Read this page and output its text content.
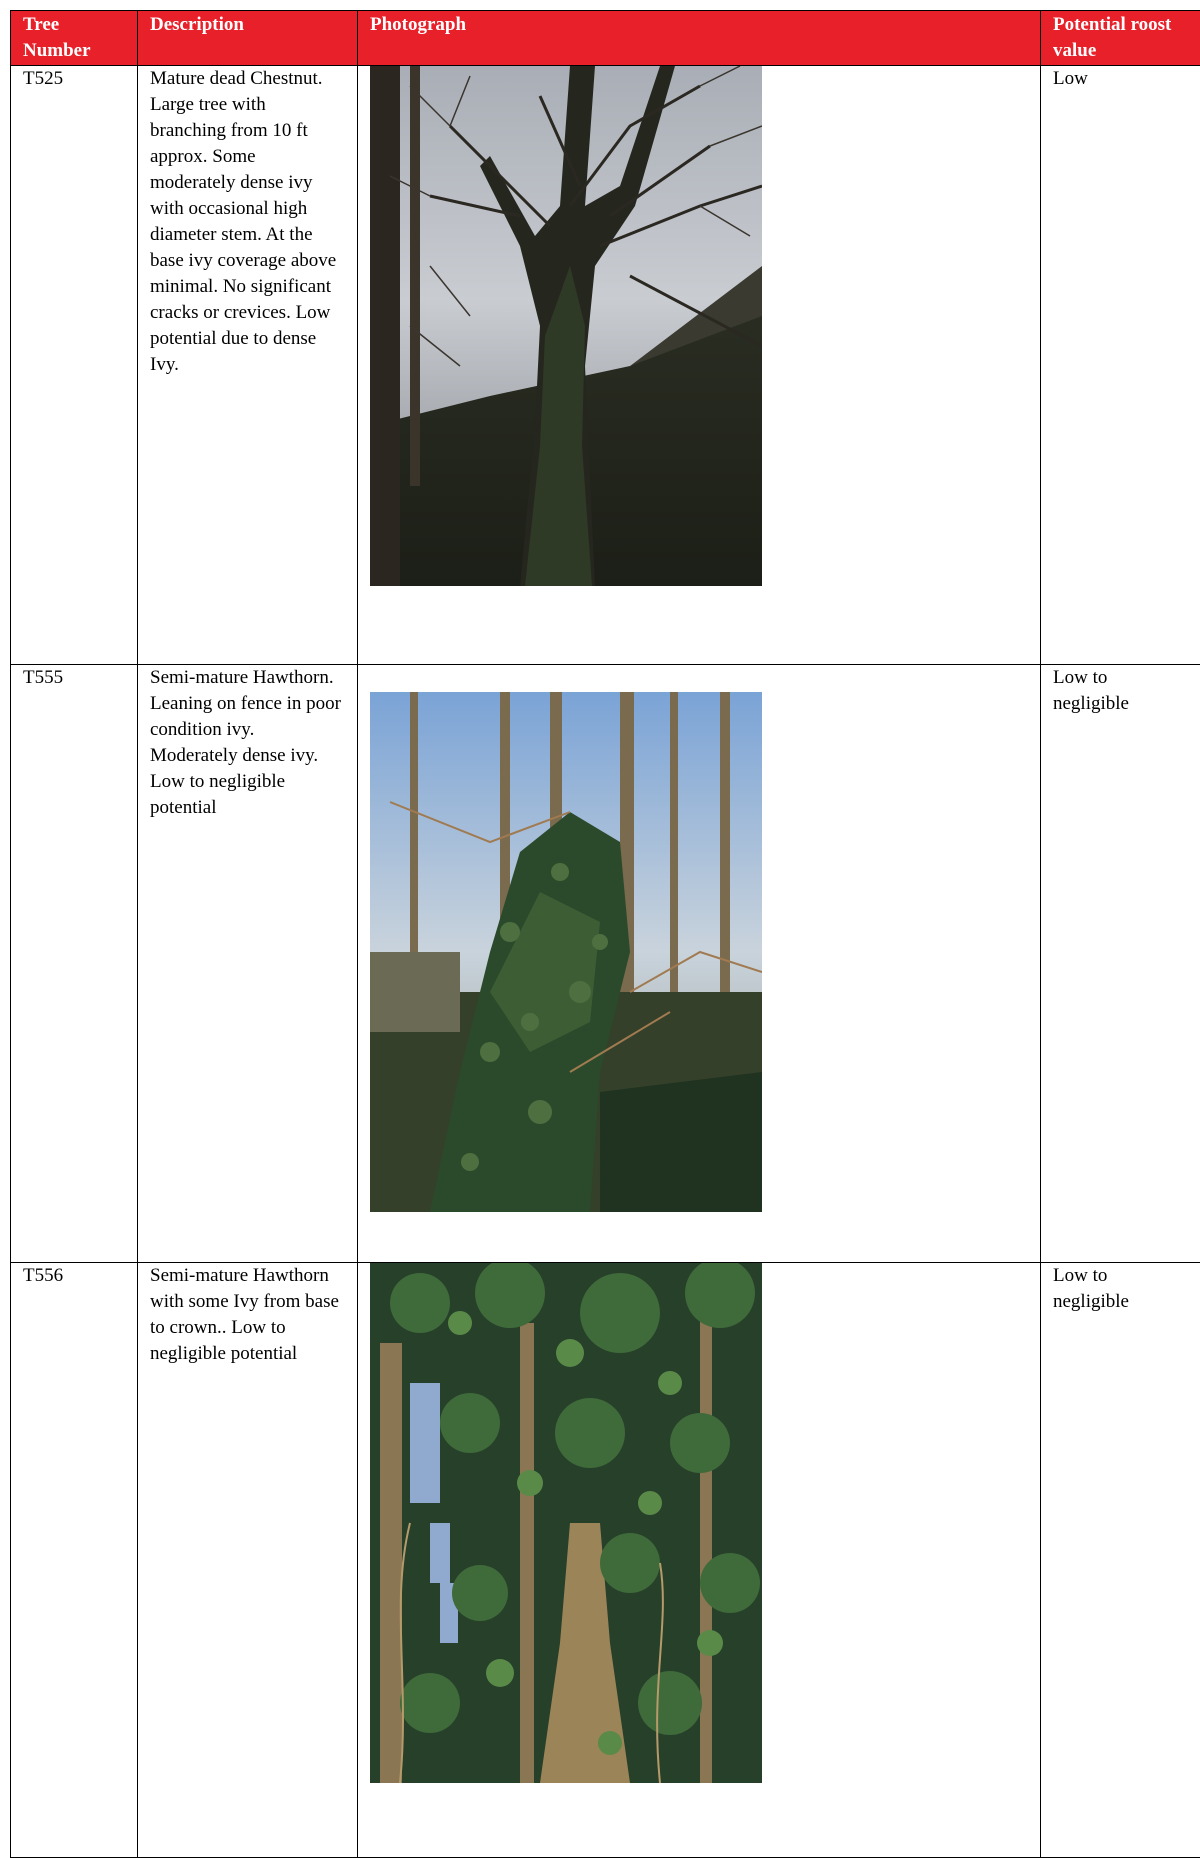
Tree Number	Description	Photograph	Potential roost value
T525	Mature dead Chestnut. Large tree with branching from 10 ft approx. Some moderately dense ivy with occasional high diameter stem. At the base ivy coverage above minimal. No significant cracks or crevices. Low potential due to dense Ivy.		Low
T555	Semi-mature Hawthorn. Leaning on fence in poor condition ivy. Moderately dense ivy. Low to negligible potential		Low to negligible
T556	Semi-mature Hawthorn with some Ivy from base to crown.. Low to negligible potential		Low to negligible
